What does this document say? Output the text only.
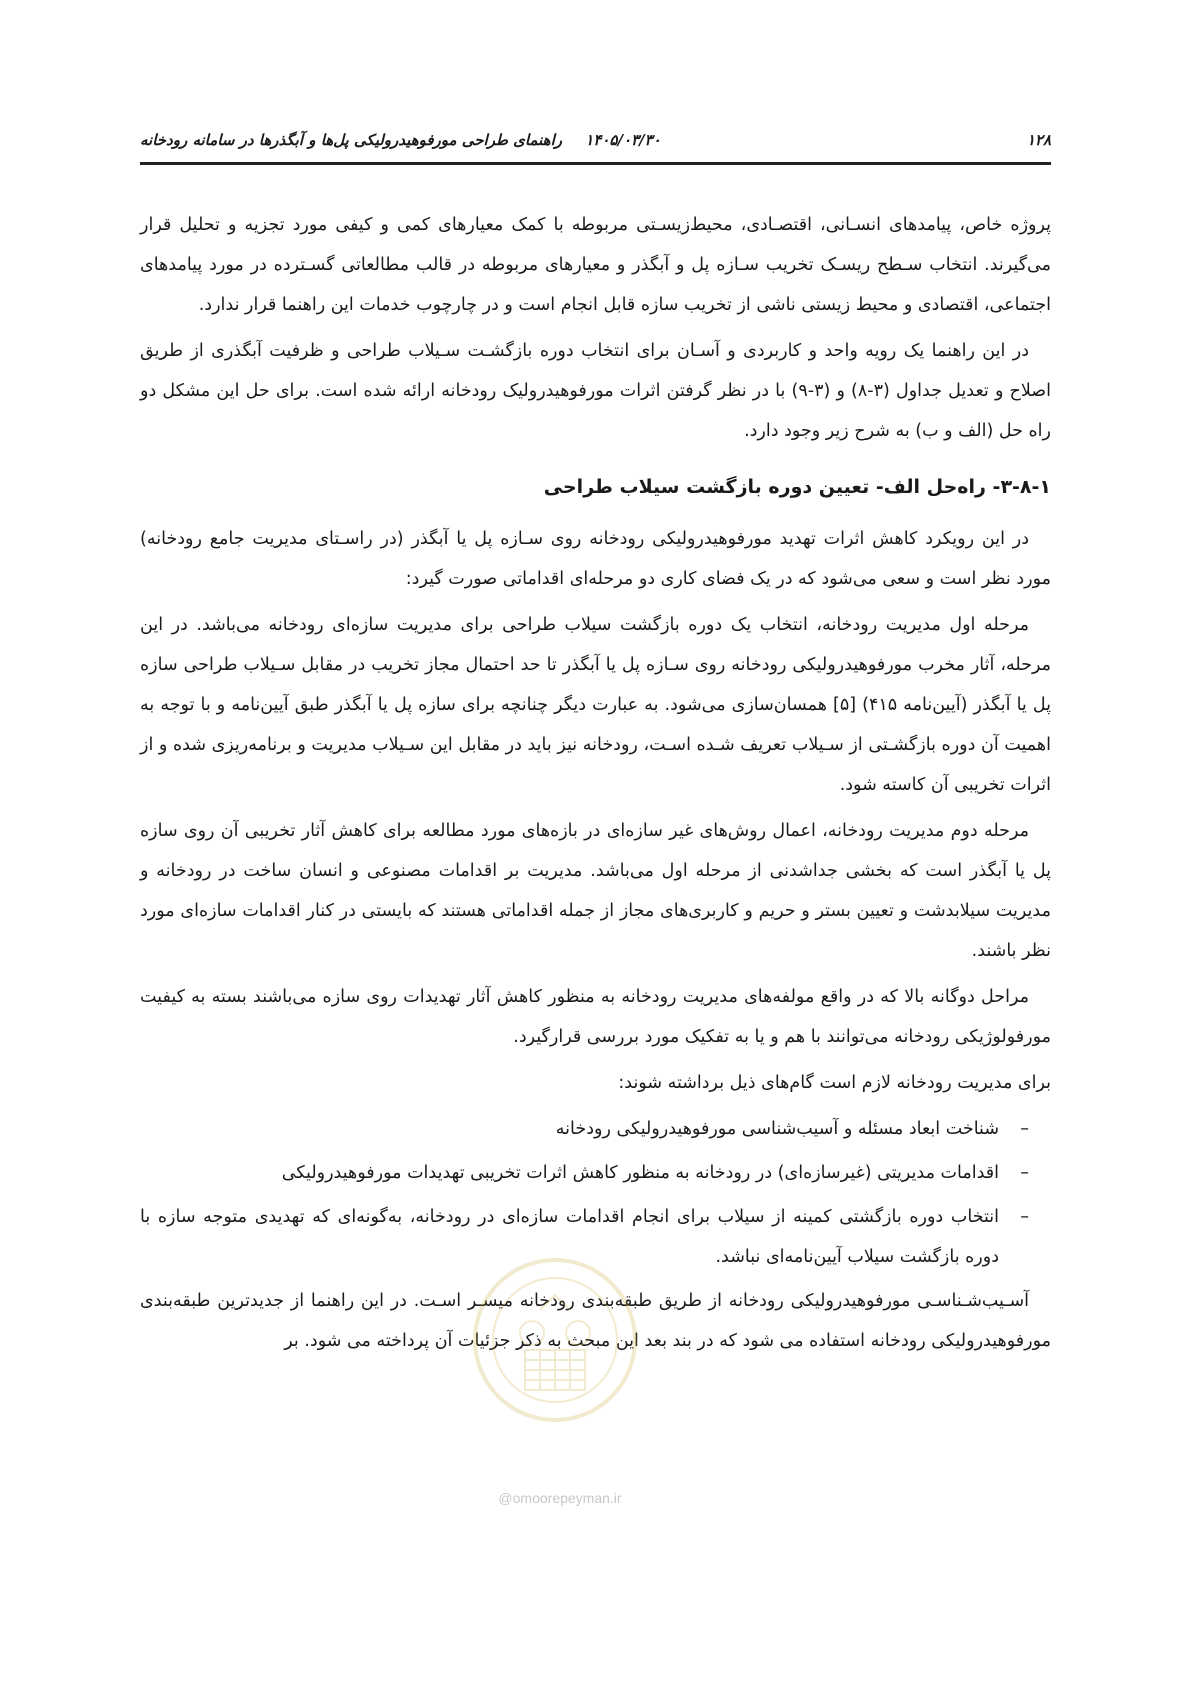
۱۲۸
۱۴۰۵/۰۳/۳۰ راهنمای طراحی مورفوهیدرولیکی پل‌ها و آبگذرها در سامانه رودخانه

پروژه خاص، پیامدهای انسـانی، اقتصـادی، محیط‌زیسـتی مربوطه با کمک معیارهای کمی و کیفی مورد تجزیه و تحلیل قرار می‌گیرند. انتخاب سـطح ریسـک تخریب سـازه پل و آبگذر و معیارهای مربوطه در قالب مطالعاتی گسـترده در مورد پیامدهای اجتماعی، اقتصادی و محیط زیستی ناشی از تخریب سازه قابل انجام است و در چارچوب خدمات این راهنما قرار ندارد.

در این راهنما یک رویه واحد و کاربردی و آسـان برای انتخاب دوره بازگشـت سـیلاب طراحی و ظرفیت آبگذری از طریق اصلاح و تعدیل جداول (۳-۸) و (۳-۹) با در نظر گرفتن اثرات مورفوهیدرولیک رودخانه ارائه شده است. برای حل این مشکل دو راه حل (الف و ب) به شرح زیر وجود دارد.

۳-۸-۱- راه‌حل الف- تعیین دوره بازگشت سیلاب طراحی

در این رویکرد کاهش اثرات تهدید مورفوهیدرولیکی رودخانه روی سـازه پل یا آبگذر (در راسـتای مدیریت جامع رودخانه) مورد نظر است و سعی می‌شود که در یک فضای کاری دو مرحله‌ای اقداماتی صورت گیرد:

مرحله اول مدیریت رودخانه، انتخاب یک دوره بازگشت سیلاب طراحی برای مدیریت سازه‌ای رودخانه می‌باشد. در این مرحله، آثار مخرب مورفوهیدرولیکی رودخانه روی سـازه پل یا آبگذر تا حد احتمال مجاز تخریب در مقابل سـیلاب طراحی سازه پل یا آبگذر (آیین‌نامه ۴۱۵) [۵] همسان‌سازی می‌شود. به عبارت دیگر چنانچه برای سازه پل یا آبگذر طبق آیین‌نامه و با توجه به اهمیت آن دوره بازگشـتی از سـیلاب تعریف شـده اسـت، رودخانه نیز باید در مقابل این سـیلاب مدیریت و برنامه‌ریزی شده و از اثرات تخریبی آن کاسته شود.

مرحله دوم مدیریت رودخانه، اعمال روش‌های غیر سازه‌ای در بازه‌های مورد مطالعه برای کاهش آثار تخریبی آن روی سازه پل یا آبگذر است که بخشی جداشدنی از مرحله اول می‌باشد. مدیریت بر اقدامات مصنوعی و انسان ساخت در رودخانه و مدیریت سیلابدشت و تعیین بستر و حریم و کاربری‌های مجاز از جمله اقداماتی هستند که بایستی در کنار اقدامات سازه‌ای مورد نظر باشند.

مراحل دوگانه بالا که در واقع مولفه‌های مدیریت رودخانه به منظور کاهش آثار تهدیدات روی سازه می‌باشند بسته به کیفیت مورفولوژیکی رودخانه می‌توانند با هم و یا به تفکیک مورد بررسی قرارگیرد.

برای مدیریت رودخانه لازم است گام‌های ذیل برداشته شوند:

–
شناخت ابعاد مسئله و آسیب‌شناسی مورفوهیدرولیکی رودخانه
–
اقدامات مدیریتی (غیرسازه‌ای) در رودخانه به منظور کاهش اثرات تخریبی تهدیدات مورفوهیدرولیکی
–
انتخاب دوره بازگشتی کمینه از سیلاب برای انجام اقدامات سازه‌ای در رودخانه، به‌گونه‌ای که تهدیدی متوجه سازه با دوره بازگشت سیلاب آیین‌نامه‌ای نباشد.

آسـیب‌شـناسـی مورفوهیدرولیکی رودخانه از طریق طبقه‌بندی رودخانه میسـر اسـت. در این راهنما از جدیدترین طبقه‌بندی مورفوهیدرولیکی رودخانه استفاده می شود که در بند بعد این مبحث به ذکر جزئیات آن پرداخته می شود. بر

@omoorepeyman.ir
